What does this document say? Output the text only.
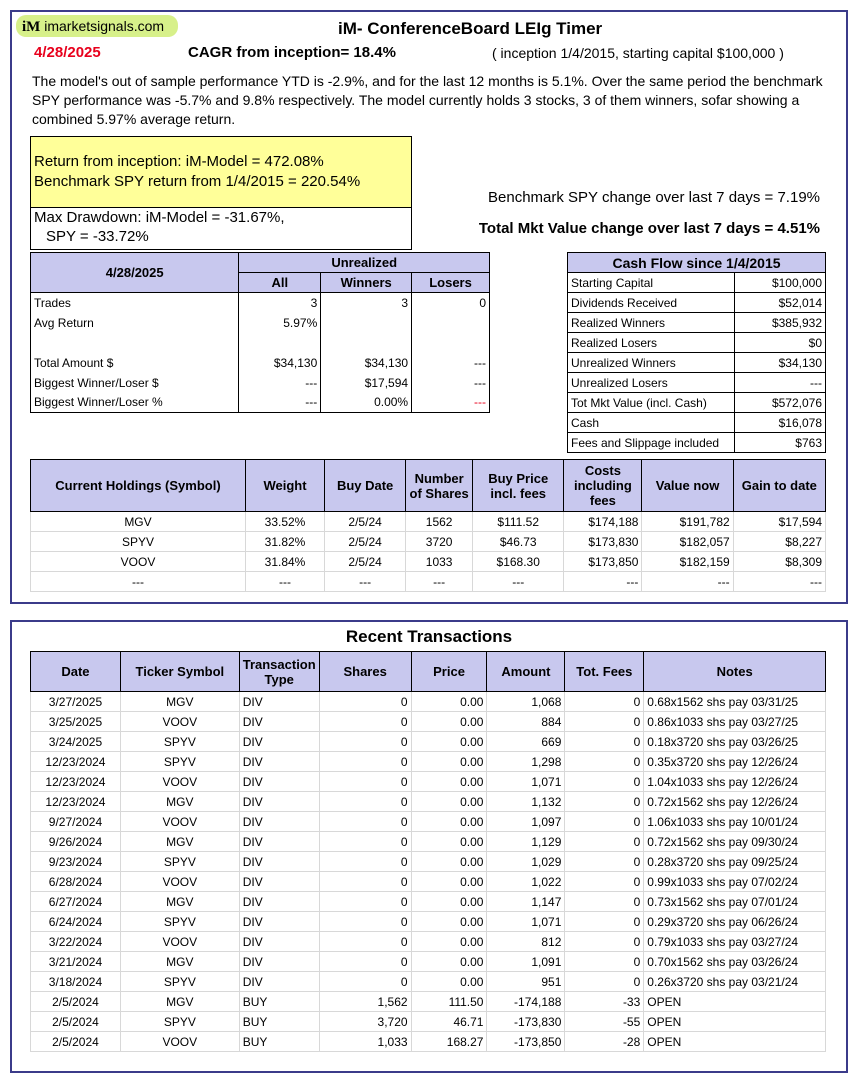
iM imarketsignals.com	iM- ConferenceBoard LEIg Timer
4/28/2025	CAGR from inception= 18.4%	( inception 1/4/2015, starting capital $100,000 )
The model's out of sample performance YTD is -2.9%, and for the last 12 months is 5.1%. Over the same period the benchmark SPY performance was -5.7% and 9.8% respectively. The model currently holds 3 stocks, 3 of them winners, sofar showing a combined 5.97% average return.
Return from inception: iM-Model = 472.08%
Benchmark SPY return from 1/4/2015 = 220.54%
Max Drawdown: iM-Model = -31.67%,
SPY = -33.72%
Benchmark SPY change over last 7 days = 7.19%
Total Mkt Value change over last 7 days = 4.51%
4/28/2025	Unrealized		
	All	Winners	Losers
Trades	3	3	0
Avg Return	5.97%		

Total Amount $	$34,130	$34,130	---
Biggest Winner/Loser $	---	$17,594	---
Biggest Winner/Loser %	---	0.00%	---
Cash Flow since 1/4/2015	
Starting Capital	$100,000
Dividends Received	$52,014
Realized Winners	$385,932
Realized Losers	$0
Unrealized Winners	$34,130
Unrealized Losers	---
Tot Mkt Value (incl. Cash)	$572,076
Cash	$16,078
Fees and Slippage included	$763
Current Holdings (Symbol)	Weight	Buy Date	Number of Shares	Buy Price incl. fees	Costs including fees	Value now	Gain to date
MGV	33.52%	2/5/24	1562	$111.52	$174,188	$191,782	$17,594
SPYV	31.82%	2/5/24	3720	$46.73	$173,830	$182,057	$8,227
VOOV	31.84%	2/5/24	1033	$168.30	$173,850	$182,159	$8,309
---	---	---	---	---	---	---	---
Recent Transactions
Date	Ticker Symbol	Transaction Type	Shares	Price	Amount	Tot. Fees	Notes
3/27/2025	MGV	DIV	0	0.00	1,068	0	0.68x1562 shs pay 03/31/25
3/25/2025	VOOV	DIV	0	0.00	884	0	0.86x1033 shs pay 03/27/25
3/24/2025	SPYV	DIV	0	0.00	669	0	0.18x3720 shs pay 03/26/25
12/23/2024	SPYV	DIV	0	0.00	1,298	0	0.35x3720 shs pay 12/26/24
12/23/2024	VOOV	DIV	0	0.00	1,071	0	1.04x1033 shs pay 12/26/24
12/23/2024	MGV	DIV	0	0.00	1,132	0	0.72x1562 shs pay 12/26/24
9/27/2024	VOOV	DIV	0	0.00	1,097	0	1.06x1033 shs pay 10/01/24
9/26/2024	MGV	DIV	0	0.00	1,129	0	0.72x1562 shs pay 09/30/24
9/23/2024	SPYV	DIV	0	0.00	1,029	0	0.28x3720 shs pay 09/25/24
6/28/2024	VOOV	DIV	0	0.00	1,022	0	0.99x1033 shs pay 07/02/24
6/27/2024	MGV	DIV	0	0.00	1,147	0	0.73x1562 shs pay 07/01/24
6/24/2024	SPYV	DIV	0	0.00	1,071	0	0.29x3720 shs pay 06/26/24
3/22/2024	VOOV	DIV	0	0.00	812	0	0.79x1033 shs pay 03/27/24
3/21/2024	MGV	DIV	0	0.00	1,091	0	0.70x1562 shs pay 03/26/24
3/18/2024	SPYV	DIV	0	0.00	951	0	0.26x3720 shs pay 03/21/24
2/5/2024	MGV	BUY	1,562	111.50	-174,188	-33	OPEN
2/5/2024	SPYV	BUY	3,720	46.71	-173,830	-55	OPEN
2/5/2024	VOOV	BUY	1,033	168.27	-173,850	-28	OPEN
